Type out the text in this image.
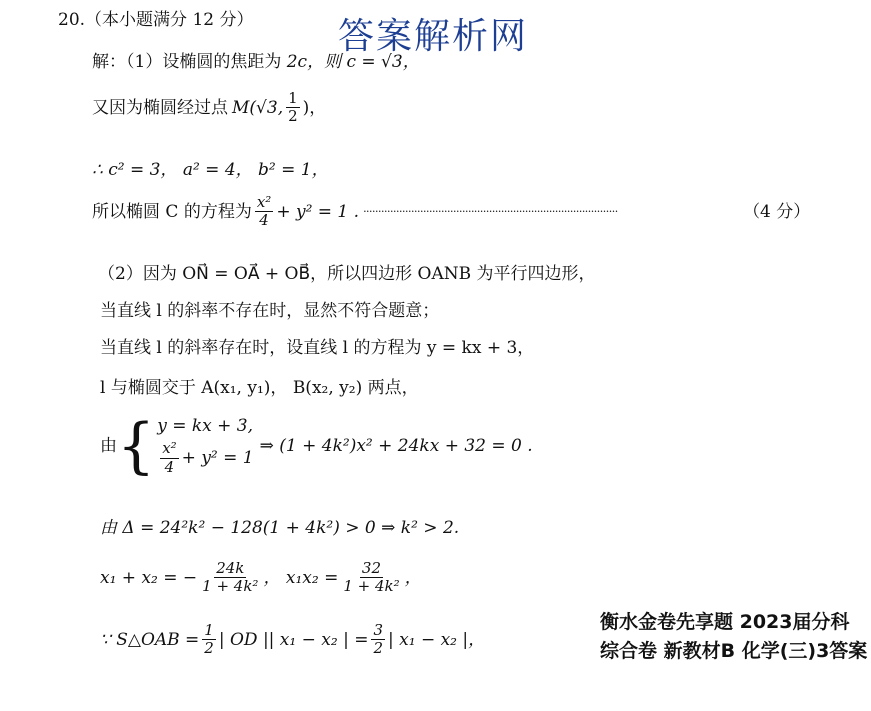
20.（本小题满分 12 分） 答案解析网
解：（1）设椭圆的焦距为 2c，则 c = √3，
又因为椭圆经过点 M(√3, $\frac{1}{2}$ )，
∴ c² = 3， a² = 4， b² = 1，
所以椭圆 C 的方程为 $\frac{\text{x²}}{4} + y^2 = 1$ . ·····················································································	（4 分）
（2）因为 ON⃗ = OA⃗ + OB⃗，所以四边形 OANB 为平行四边形，
当直线 l 的斜率不存在时，显然不符合题意；
当直线 l 的斜率存在时，设直线 l 的方程为 y = kx + 3，
l 与椭圆交于 A(x₁, y₁)， B(x₂, y₂) 两点，
由 { y = kx + 3,
$\frac{\text{x²}}{4} + y^2 = 1$
⇒ (1 + 4k²)x² + 24kx + 32 = 0 .
由 Δ = 24²k² − 128(1 + 4k²) > 0 ⇒ k² > 2.
x₁ + x₂ = − $\frac{24k}{\text{1 + 4k²}}$ ， $x_1x_2 = \frac{32}{\text{1 + 4k²}}$ ，
∵ S△OAB = $\frac{1}{2}$ | OD || x₁ − x₂ | = $\frac{3}{2}$ | x₁ − x₂ |，
衡水金卷先享题 2023届分科综合卷 新教材B 化学(三)3答案
